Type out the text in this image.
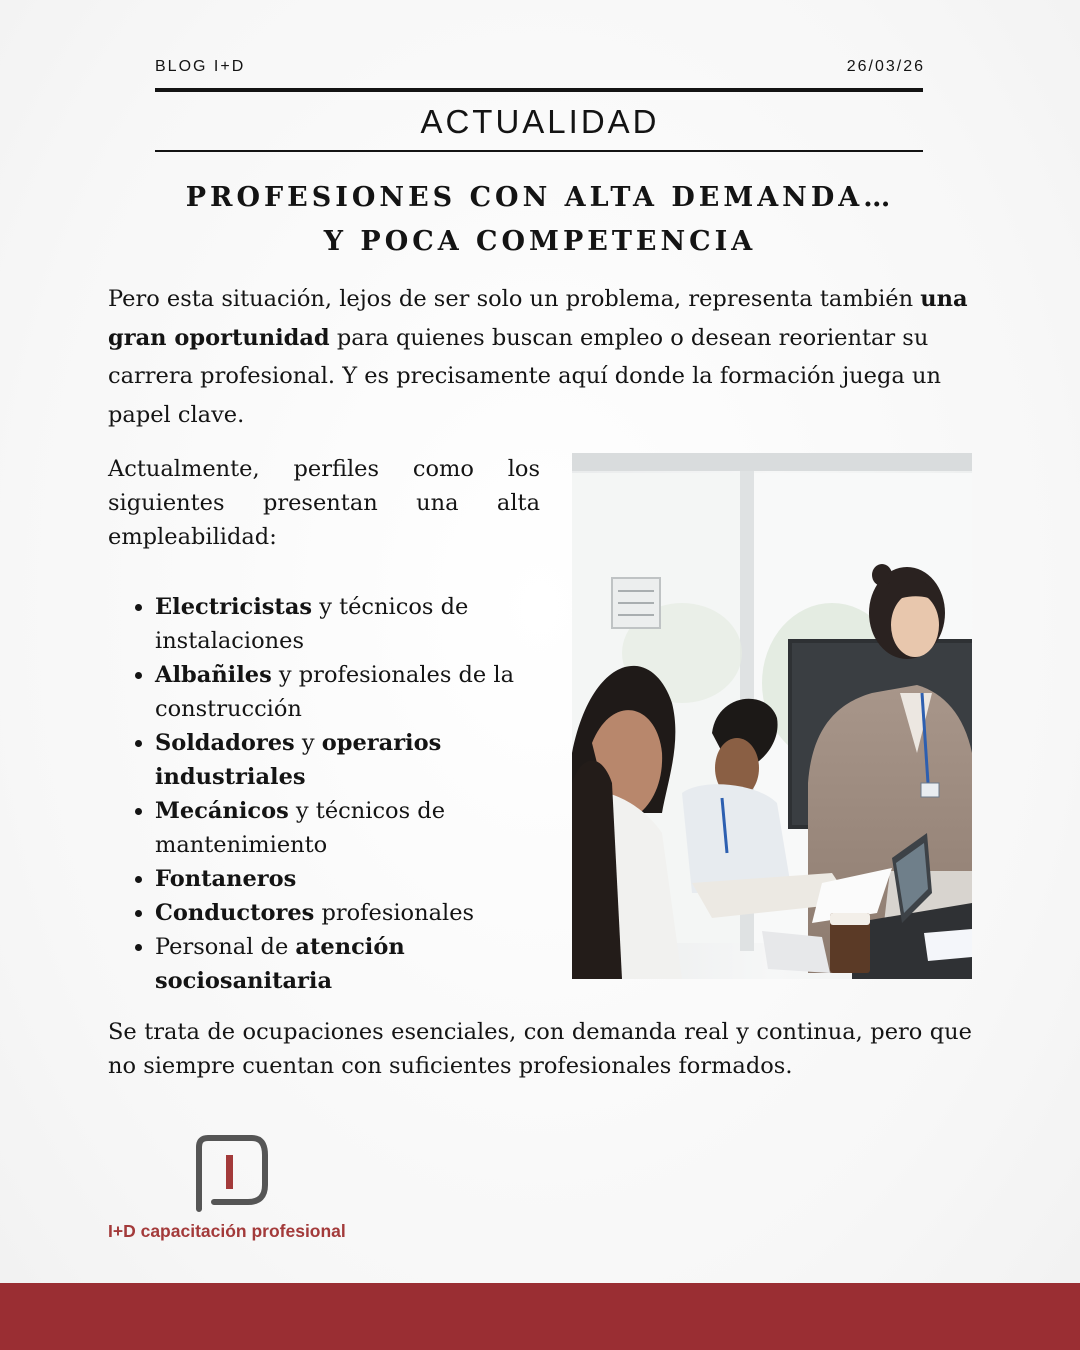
BLOG I+D	26/03/26
ACTUALIDAD
PROFESIONES CON ALTA DEMANDA…
Y POCA COMPETENCIA

Pero esta situación, lejos de ser solo un problema, representa también una gran oportunidad para quienes buscan empleo o desean reorientar su carrera profesional. Y es precisamente aquí donde la formación juega un papel clave.

Actualmente, perfiles como los siguientes presentan una alta empleabilidad:

• Electricistas y técnicos de instalaciones
• Albañiles y profesionales de la construcción
• Soldadores y operarios industriales
• Mecánicos y técnicos de mantenimiento
• Fontaneros
• Conductores profesionales
• Personal de atención sociosanitaria

Se trata de ocupaciones esenciales, con demanda real y continua, pero que no siempre cuentan con suficientes profesionales formados.

I+D capacitación profesional
